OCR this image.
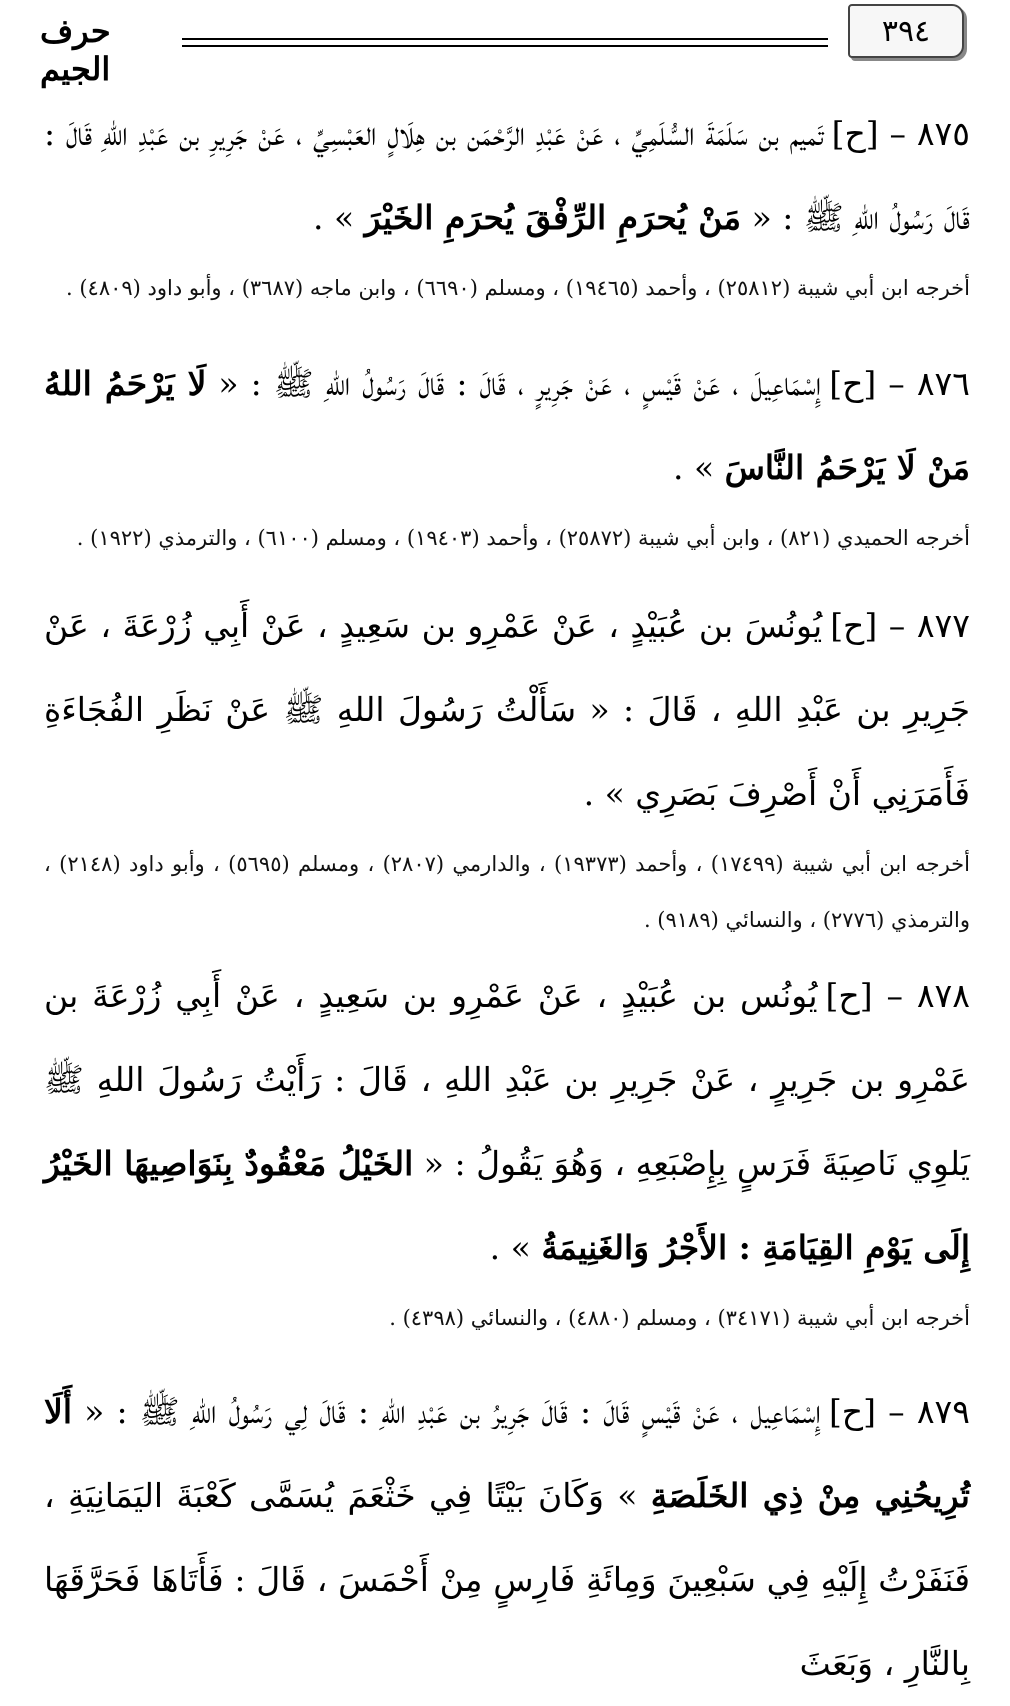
٣٩٤
حرف الجيم

٨٧٥ – [ح]تَميم بن سَلَمَةَ السُّلَمِيِّ ، عَنْ عَبْدِ الرَّحْمَن بن هِلَالٍ العَبْسِيِّ ، عَنْ جَرِيرِ بن عَبْدِ اللهِ قَالَ : قَالَ رَسُولُ اللهِ ﷺ : « مَنْ يُحرَمِ الرِّفْقَ يُحرَمِ الخَيْرَ » .

أخرجه ابن أبي شيبة (٢٥٨١٢) ، وأحمد (١٩٤٦٥) ، ومسلم (٦٦٩٠) ، وابن ماجه (٣٦٨٧) ، وأبو داود (٤٨٠٩) .

٨٧٦ – [ح]إِسْمَاعِيلَ ، عَنْ قَيْسٍ ، عَنْ جَرِيرٍ ، قَالَ : قَالَ رَسُولُ اللهِ ﷺ : « لَا يَرْحَمُ اللهُ مَنْ لَا يَرْحَمُ النَّاسَ » .

أخرجه الحميدي (٨٢١) ، وابن أبي شيبة (٢٥٨٧٢) ، وأحمد (١٩٤٠٣) ، ومسلم (٦١٠٠) ، والترمذي (١٩٢٢) .

٨٧٧ – [ح]يُونُسَ بن عُبَيْدٍ ، عَنْ عَمْرِو بن سَعِيدٍ ، عَنْ أَبِي زُرْعَةَ ، عَنْ جَرِيرِ بن عَبْدِ اللهِ ، قَالَ : « سَأَلْتُ رَسُولَ اللهِ ﷺ عَنْ نَظَرِ الفُجَاءَةِ فَأَمَرَنِي أَنْ أَصْرِفَ بَصَرِي » .

أخرجه ابن أبي شيبة (١٧٤٩٩) ، وأحمد (١٩٣٧٣) ، والدارمي (٢٨٠٧) ، ومسلم (٥٦٩٥) ، وأبو داود (٢١٤٨) ، والترمذي (٢٧٧٦) ، والنسائي (٩١٨٩) .

٨٧٨ – [ح]يُونُس بن عُبَيْدٍ ، عَنْ عَمْرِو بن سَعِيدٍ ، عَنْ أَبِي زُرْعَةَ بن عَمْرِو بن جَرِيرٍ ، عَنْ جَرِيرِ بن عَبْدِ اللهِ ، قَالَ : رَأَيْتُ رَسُولَ اللهِ ﷺ يَلوِي نَاصِيَةَ فَرَسٍ بِإِصْبَعِهِ ، وَهُوَ يَقُولُ : « الخَيْلُ مَعْقُودٌ بِنَوَاصِيهَا الخَيْرُ إِلَى يَوْمِ القِيَامَةِ : الأَجْرُ وَالغَنِيمَةُ » .

أخرجه ابن أبي شيبة (٣٤١٧١) ، ومسلم (٤٨٨٠) ، والنسائي (٤٣٩٨) .

٨٧٩ – [ح]إِسْمَاعِيل ، عَنْ قَيْسٍ قَالَ : قَالَ جَرِيرُ بن عَبْدِ اللهِ : قَالَ لِي رَسُولُ اللهِ ﷺ : « أَلَا تُرِيحُنِي مِنْ ذِي الخَلَصَةِ » وَكَانَ بَيْتًا فِي خَثْعَمَ يُسَمَّى كَعْبَةَ اليَمَانِيَةِ ، فَنَفَرْتُ إِلَيْهِ فِي سَبْعِينَ وَمِائَةِ فَارِسٍ مِنْ أَحْمَسَ ، قَالَ : فَأَتَاهَا فَحَرَّقَهَا بِالنَّارِ ، وَبَعَثَ
